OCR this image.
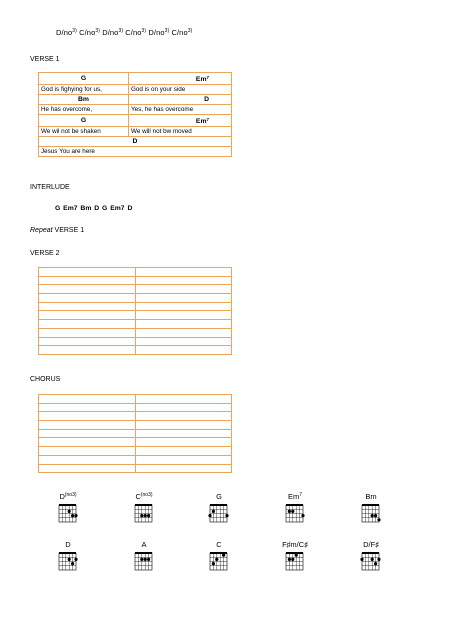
$D/no^{3)}$ $C/no^{3)}$ $D/no^{3)}$ $C/no^{3)}$ $D/no^{3)}$ $C/no^{3)}$
VERSE 1
G	Em$^7$
God is fighying for us,	God is on your side
Bm	D
He has overcome,	Yes, he has overcome
G	Em$^7$
We wil not be shaken	We will not bw moved
D	
Jesus You are here	
INTERLUDE
G Em7 Bm D G Em7 D
Repeat VERSE 1
VERSE 2

CHORUS

$D^{(no3)}$	$C^{(no3)}$	G	Em$^7$	Bm
D	A	C	F♯m/C♯	D/F♯
